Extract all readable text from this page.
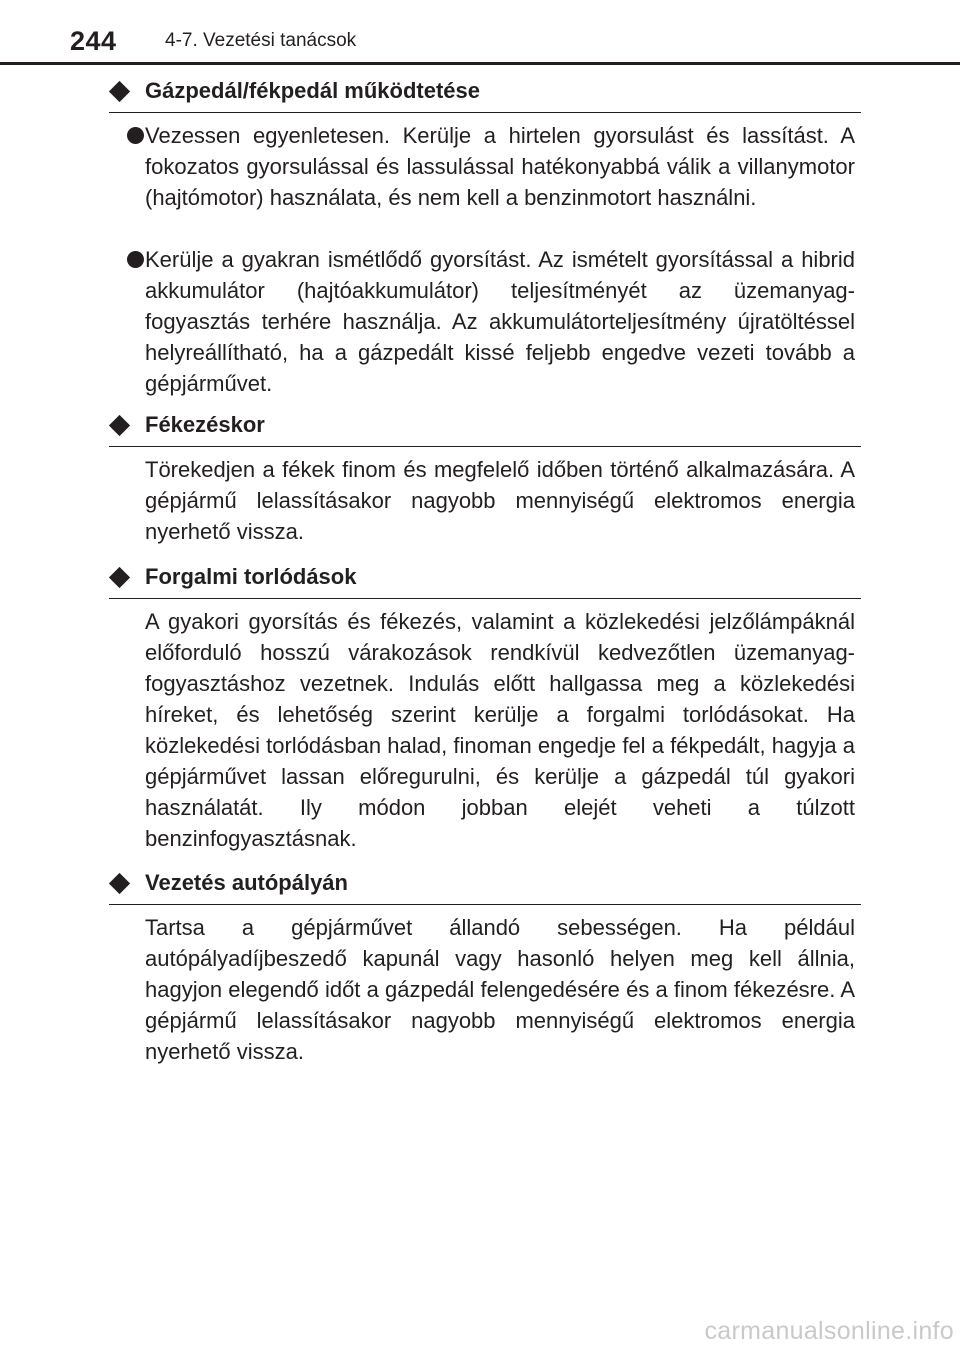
244	4-7. Vezetési tanácsok
Gázpedál/fékpedál működtetése
Vezessen egyenletesen. Kerülje a hirtelen gyorsulást és lassítást. A fokozatos gyorsulással és lassulással hatékonyabbá válik a villanymotor (hajtómotor) használata, és nem kell a benzinmotort használni.
Kerülje a gyakran ismétlődő gyorsítást. Az ismételt gyorsítással a hibrid akkumulátor (hajtóakkumulátor) teljesítményét az üzemanyag-fogyasztás terhére használja. Az akkumulátorteljesítmény újratöltéssel helyreállítható, ha a gázpedált kissé feljebb engedve vezeti tovább a gépjárművet.
Fékezéskor

Törekedjen a fékek finom és megfelelő időben történő alkalmazására. A gépjármű lelassításakor nagyobb mennyiségű elektromos energia nyerhető vissza.

Forgalmi torlódások

A gyakori gyorsítás és fékezés, valamint a közlekedési jelzőlámpáknál előforduló hosszú várakozások rendkívül kedvezőtlen üzemanyag-fogyasztáshoz vezetnek. Indulás előtt hallgassa meg a közlekedési híreket, és lehetőség szerint kerülje a forgalmi torlódásokat. Ha közlekedési torlódásban halad, finoman engedje fel a fékpedált, hagyja a gépjárművet lassan előregurulni, és kerülje a gázpedál túl gyakori használatát. Ily módon jobban elejét veheti a túlzott benzinfogyasztásnak.

Vezetés autópályán

Tartsa a gépjárművet állandó sebességen. Ha például autópályadíjbeszedő kapunál vagy hasonló helyen meg kell állnia, hagyjon elegendő időt a gázpedál felengedésére és a finom fékezésre. A gépjármű lelassításakor nagyobb mennyiségű elektromos energia nyerhető vissza.

carmanualsonline.info
